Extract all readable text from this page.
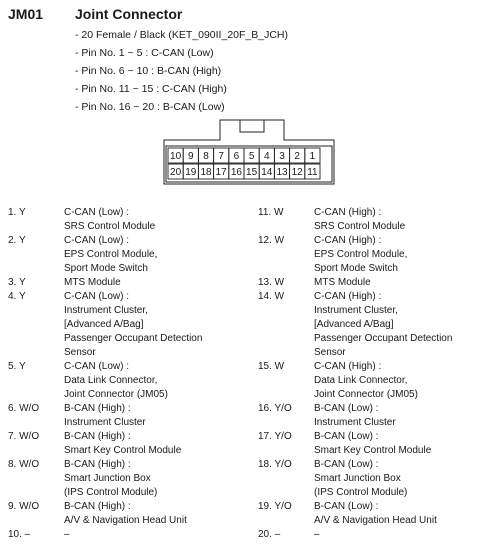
JM01 Joint Connector
- 20 Female / Black (KET_090II_20F_B_JCH)
- Pin No. 1 ~ 5 : C-CAN (Low)
- Pin No. 6 ~ 10 : B-CAN (High)
- Pin No. 11 ~ 15 : C-CAN (High)
- Pin No. 16 ~ 20 : B-CAN (Low)
10 9 8 7 6 5 4 3 2 1
20 19 18 17 16 15 14 13 12 11
1. Y	C-CAN (Low) :
SRS Control Module
2. Y	C-CAN (Low) :
EPS Control Module,
Sport Mode Switch
3. Y	MTS Module
4. Y	C-CAN (Low) :
Instrument Cluster,
[Advanced A/Bag]
Passenger Occupant Detection
Sensor
5. Y	C-CAN (Low) :
Data Link Connector,
Joint Connector (JM05)
6. W/O B-CAN (High) :
Instrument Cluster
7. W/O B-CAN (High) :
Smart Key Control Module
8. W/O B-CAN (High) :
Smart Junction Box
(IPS Control Module)
9. W/O B-CAN (High) :
A/V & Navigation Head Unit
10. –	–
11. W	C-CAN (High) :
SRS Control Module
12. W	C-CAN (High) :
EPS Control Module,
Sport Mode Switch
13. W	MTS Module
14. W	C-CAN (High) :
Instrument Cluster,
[Advanced A/Bag]
Passenger Occupant Detection
Sensor
15. W	C-CAN (High) :
Data Link Connector,
Joint Connector (JM05)
16. Y/O B-CAN (Low) :
Instrument Cluster
17. Y/O B-CAN (Low) :
Smart Key Control Module
18. Y/O B-CAN (Low) :
Smart Junction Box
(IPS Control Module)
19. Y/O B-CAN (Low) :
A/V & Navigation Head Unit
20. –	–
